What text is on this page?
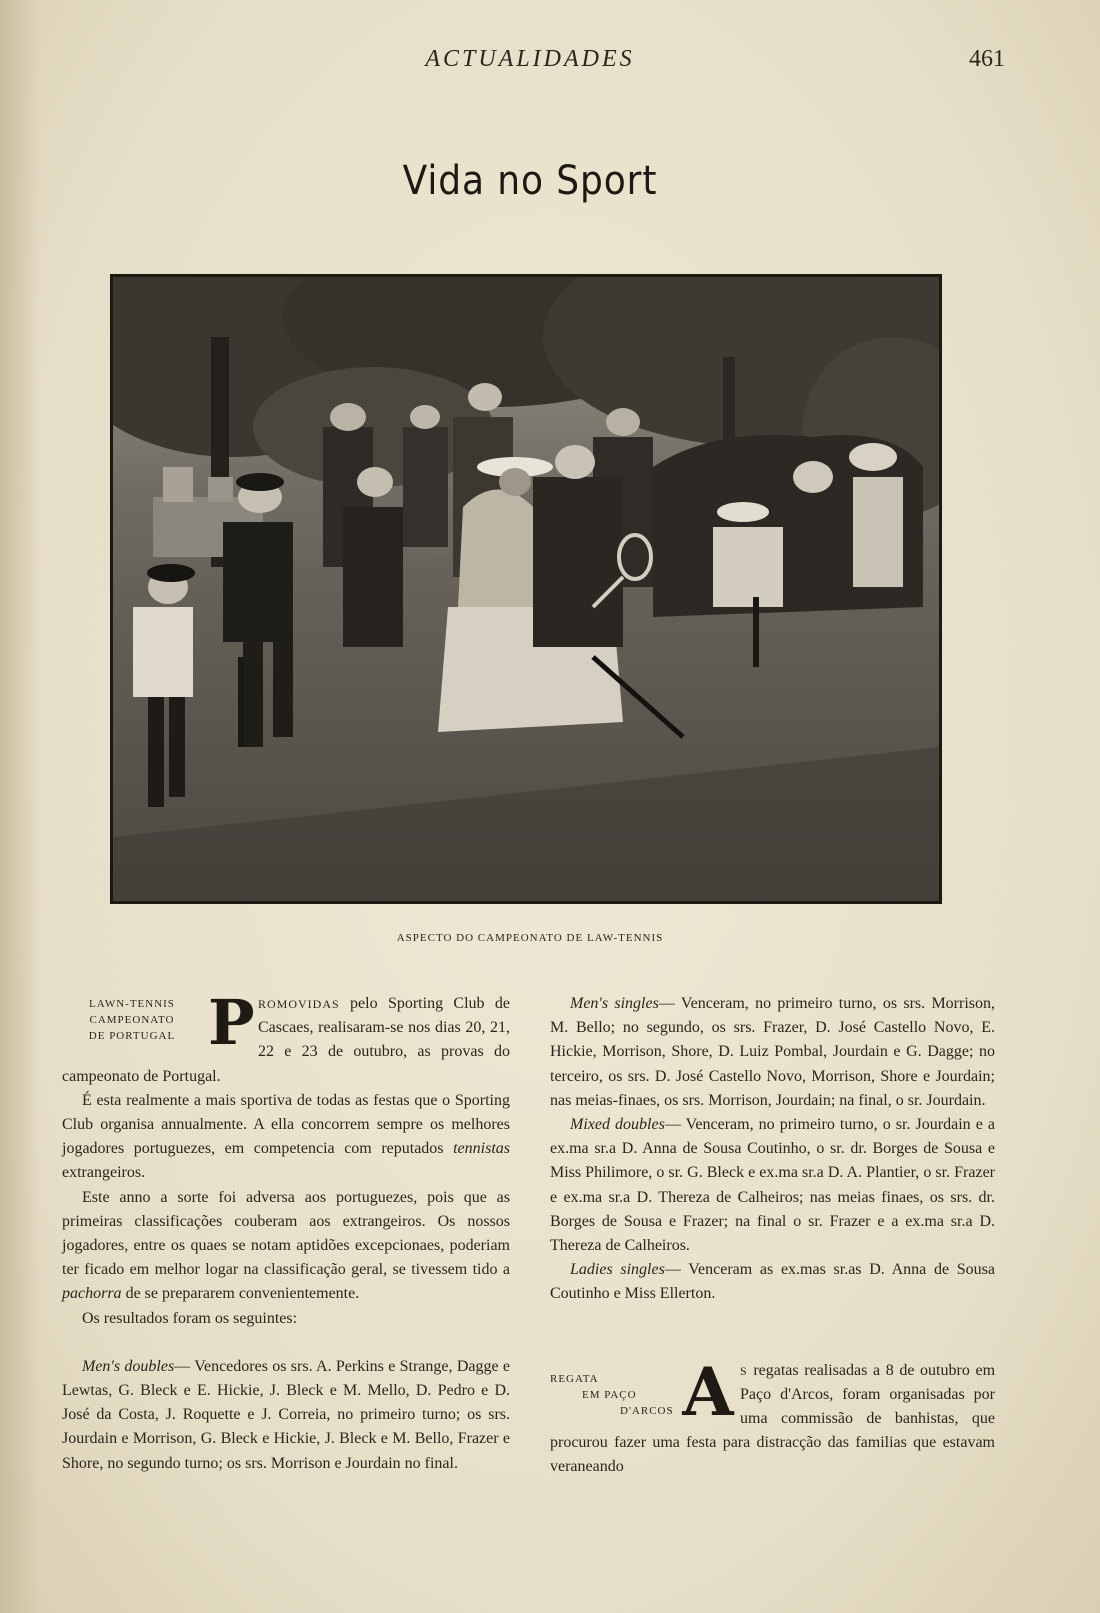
ACTUALIDADES	461
Vida no Sport
ASPECTO DO CAMPEONATO DE LAW-TENNIS
LAWN-TENNIS
CAMPEONATO
DE PORTUGAL P ROMOVIDAS pelo Sporting Club de Cascaes, realisaram-se nos dias 20, 21, 22 e 23 de outubro, as provas do campeonato de Portugal.

É esta realmente a mais sportiva de todas as festas que o Sporting Club organisa annualmente. A ella concorrem sempre os melhores jogadores portuguezes, em competencia com reputados tennistas extrangeiros.

Este anno a sorte foi adversa aos portuguezes, pois que as primeiras classificações couberam aos extrangeiros. Os nossos jogadores, entre os quaes se notam aptidões excepcionaes, poderiam ter ficado em melhor logar na classificação geral, se tivessem tido a pachorra de se prepararem convenientemente.

Os resultados foram os seguintes:

Men's doubles— Vencedores os srs. A. Perkins e Strange, Dagge e Lewtas, G. Bleck e E. Hickie, J. Bleck e M. Mello, D. Pedro e D. José da Costa, J. Roquette e J. Correia, no primeiro turno; os srs. Jourdain e Morrison, G. Bleck e Hickie, J. Bleck e M. Bello, Frazer e Shore, no segundo turno; os srs. Morrison e Jourdain no final.

Men's singles— Venceram, no primeiro turno, os srs. Morrison, M. Bello; no segundo, os srs. Frazer, D. José Castello Novo, E. Hickie, Morrison, Shore, D. Luiz Pombal, Jourdain e G. Dagge; no terceiro, os srs. D. José Castello Novo, Morrison, Shore e Jourdain; nas meias-finaes, os srs. Morrison, Jourdain; na final, o sr. Jourdain.

Mixed doubles— Venceram, no primeiro turno, o sr. Jourdain e a ex.ma sr.a D. Anna de Sousa Coutinho, o sr. dr. Borges de Sousa e Miss Philimore, o sr. G. Bleck e ex.ma sr.a D. A. Plantier, o sr. Frazer e ex.ma sr.a D. Thereza de Calheiros; nas meias finaes, os srs. dr. Borges de Sousa e Frazer; na final o sr. Frazer e a ex.ma sr.a D. Thereza de Calheiros.

Ladies singles— Venceram as ex.mas sr.as D. Anna de Sousa Coutinho e Miss Ellerton.

REGATA
EM PAÇO
D'ARCOS A S regatas realisadas a 8 de outubro em Paço d'Arcos, foram organisadas por uma commissão de banhistas, que procurou fazer uma festa para distracção das familias que estavam veraneando
